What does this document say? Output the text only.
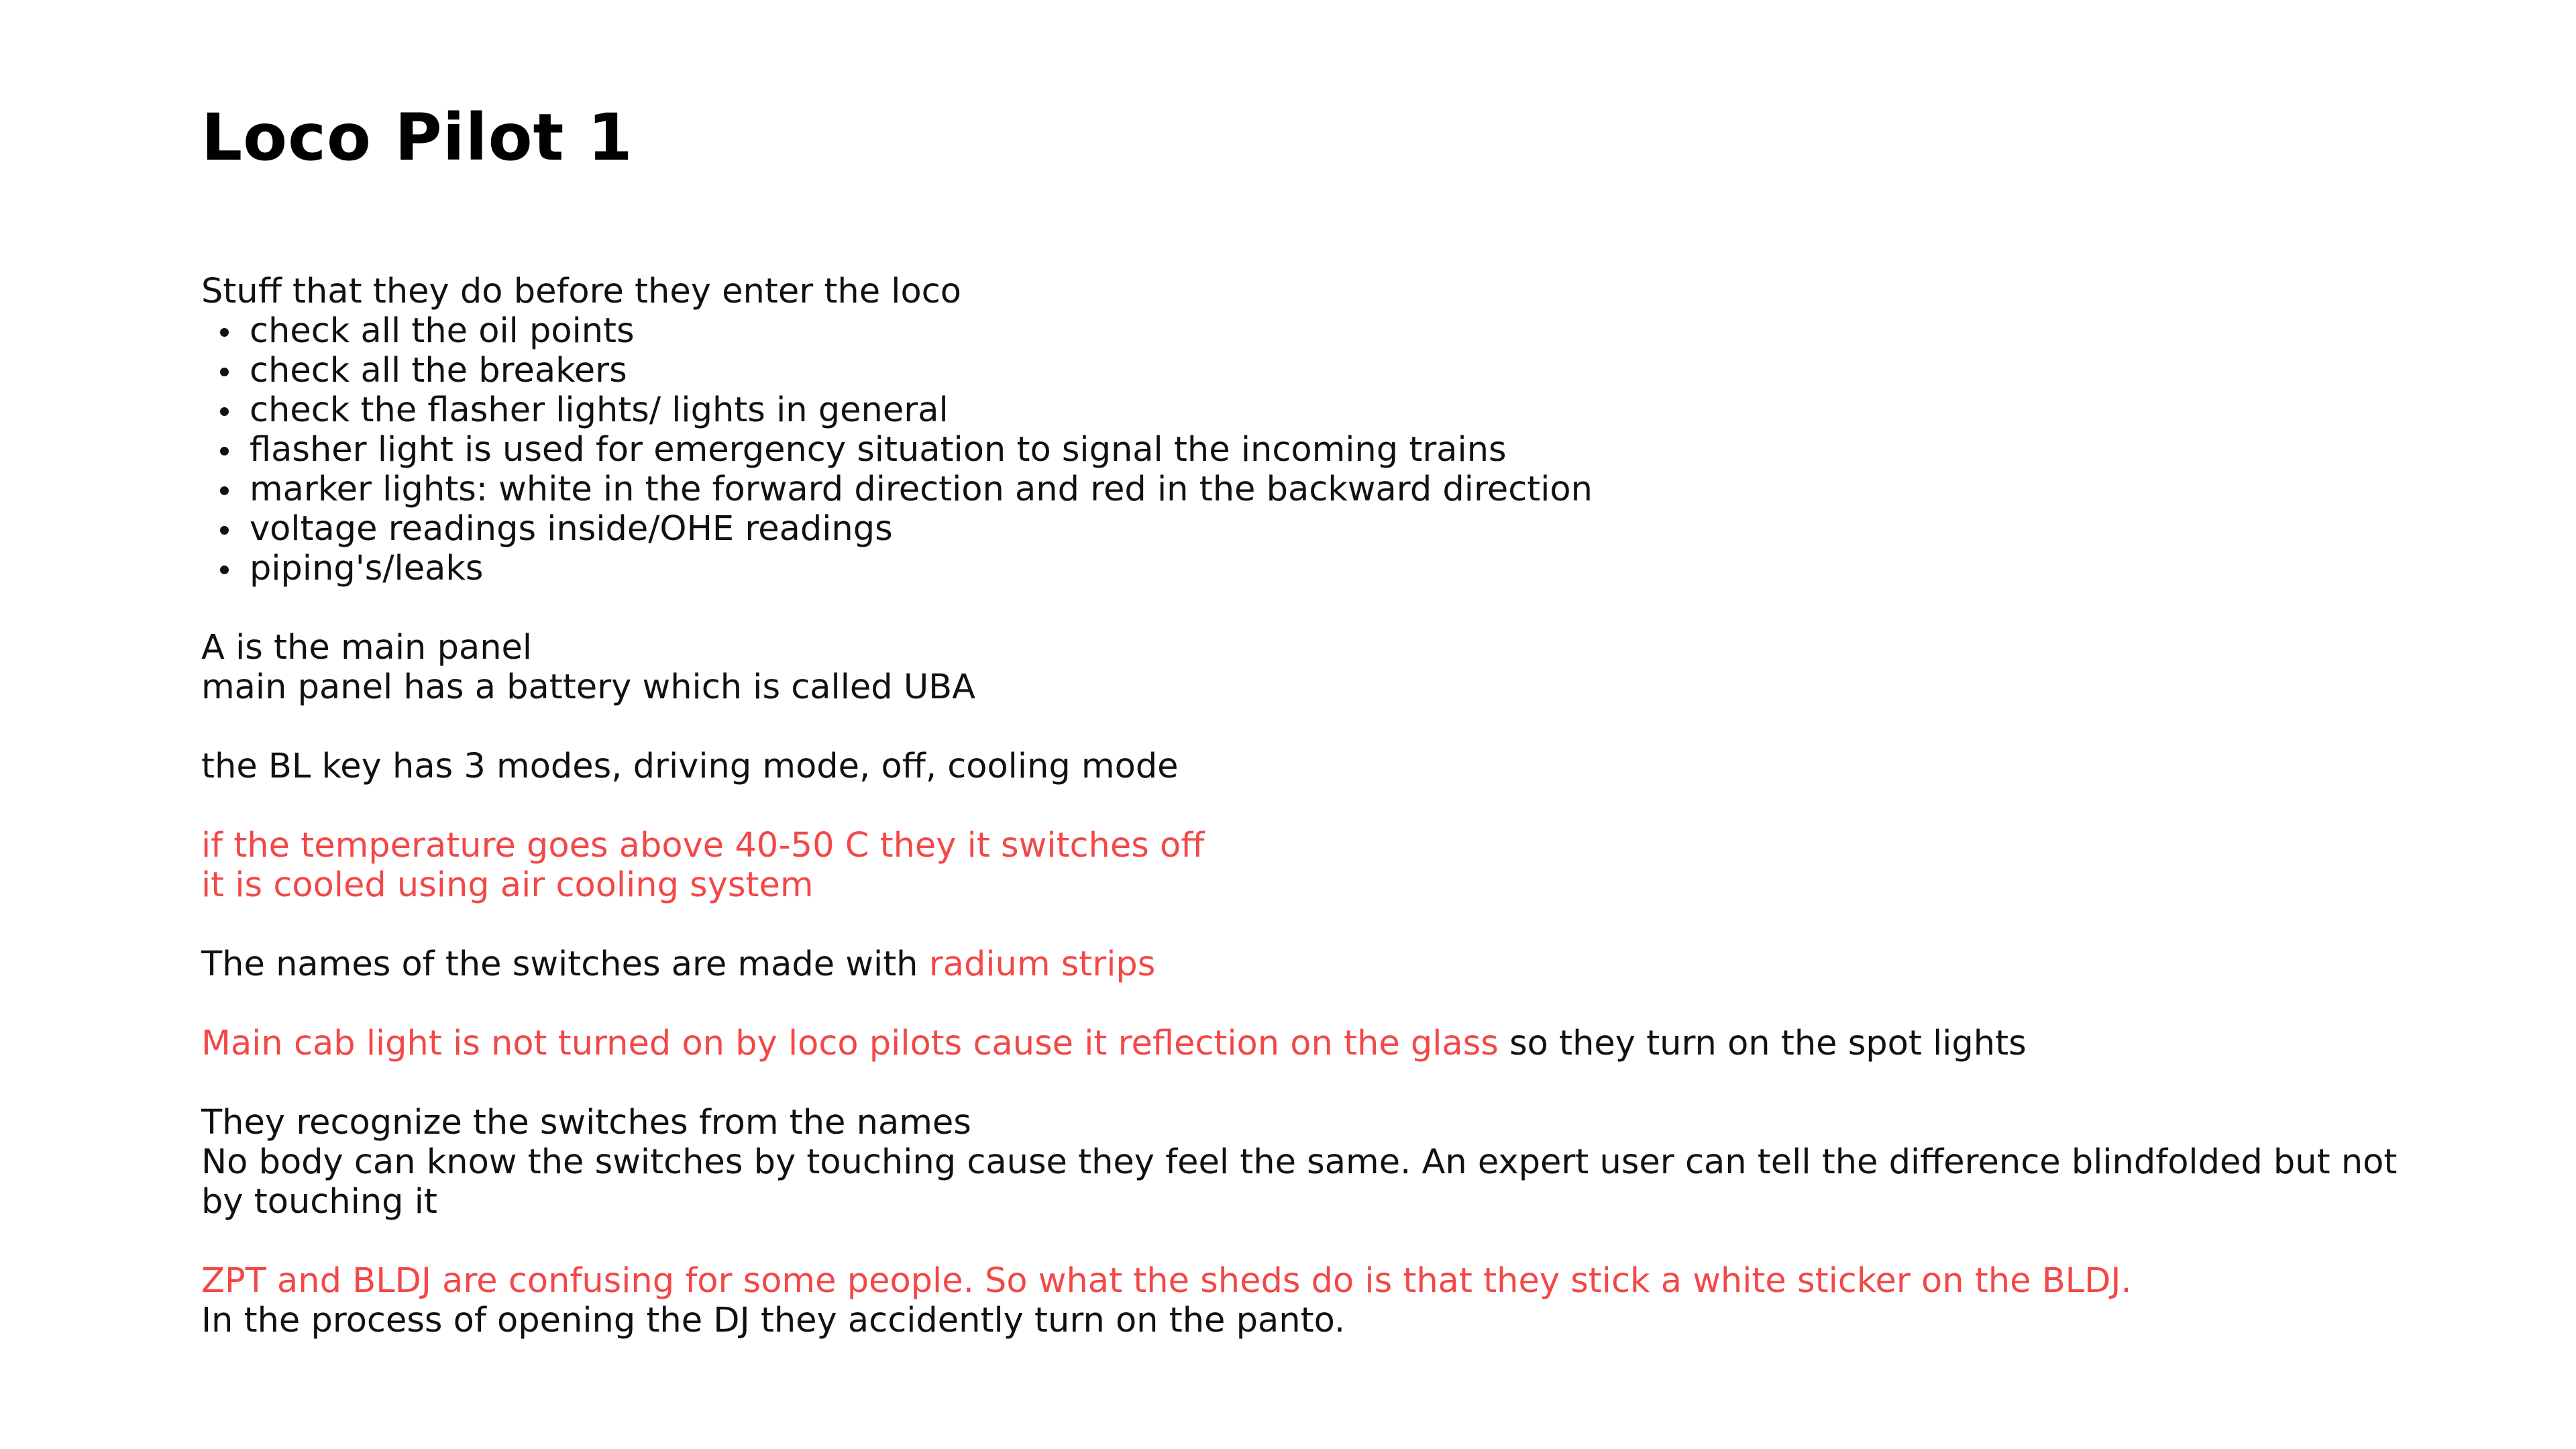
Loco Pilot 1

Stuff that they do before they enter the loco

check all the oil points
check all the breakers
check the flasher lights/ lights in general
flasher light is used for emergency situation to signal the incoming trains
marker lights: white in the forward direction and red in the backward direction
voltage readings inside/OHE readings
piping's/leaks

A is the main panel

main panel has a battery which is called UBA

the BL key has 3 modes, driving mode, off, cooling mode

if the temperature goes above 40-50 C they it switches off

it is cooled using air cooling system

The names of the switches are made with radium strips

Main cab light is not turned on by loco pilots cause it reflection on the glass so they turn on the spot lights

They recognize the switches from the names

No body can know the switches by touching cause they feel the same. An expert user can tell the difference blindfolded but not by touching it

ZPT and BLDJ are confusing for some people. So what the sheds do is that they stick a white sticker on the BLDJ.

In the process of opening the DJ they accidently turn on the panto.
